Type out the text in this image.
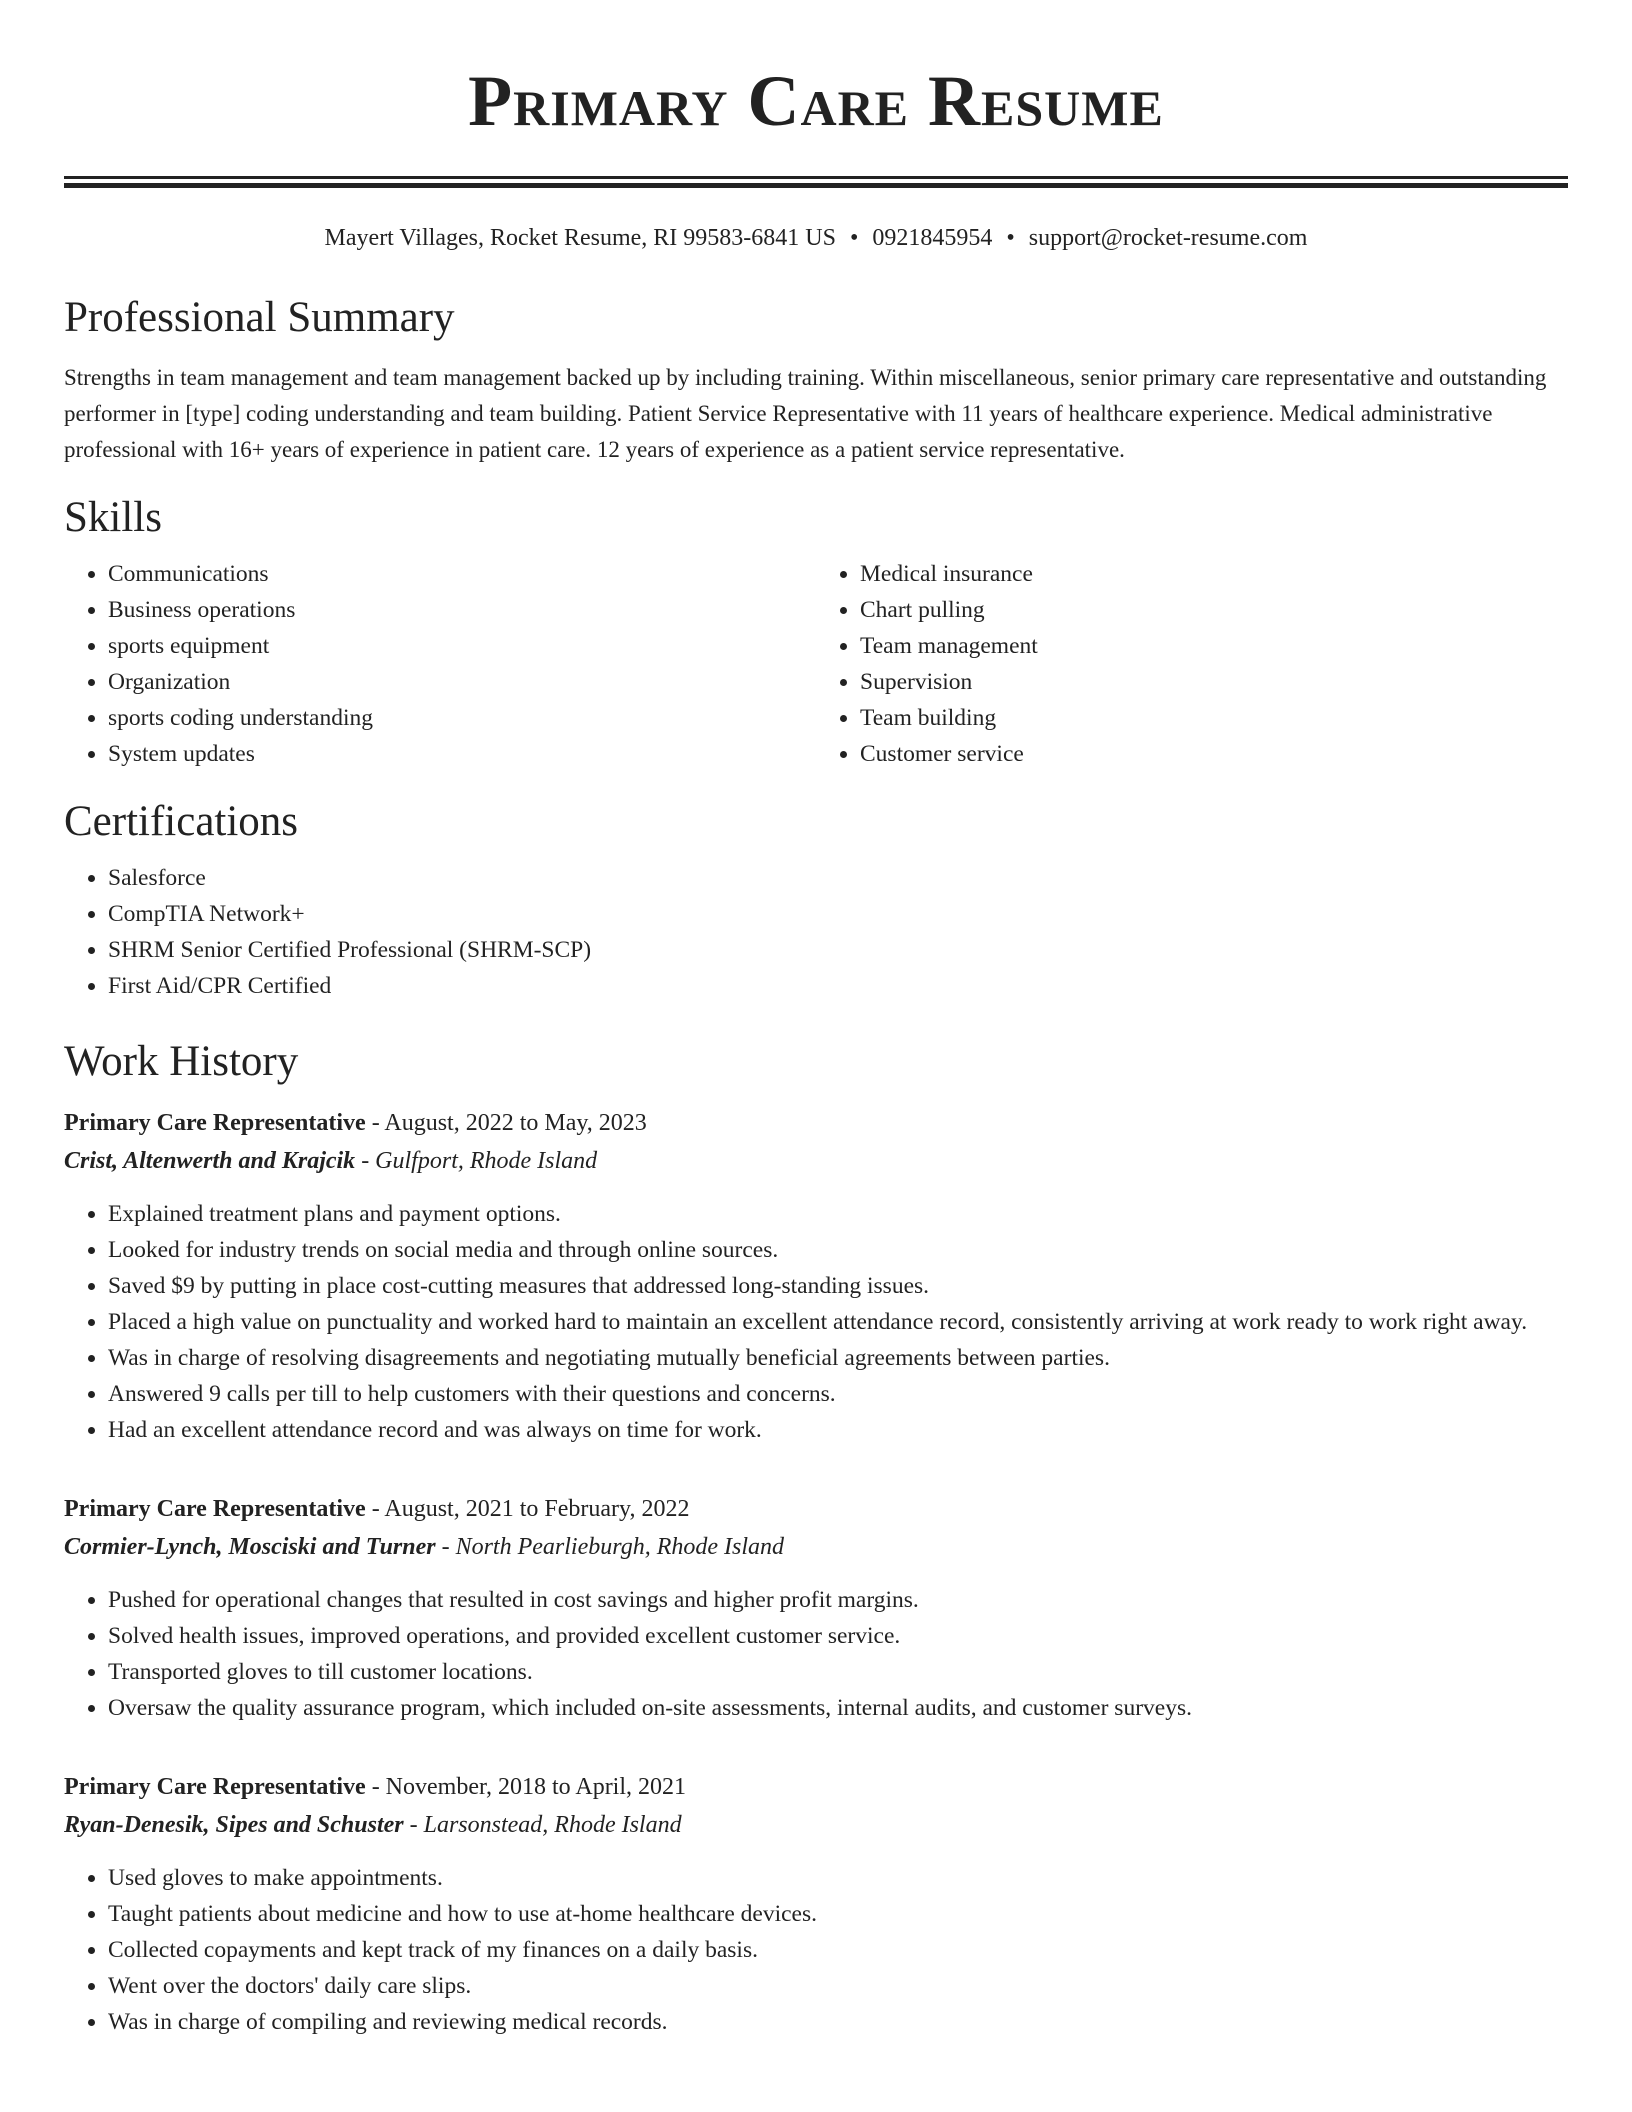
Primary Care Resume
Mayert Villages, Rocket Resume, RI 99583-6841 US • 0921845954 • support@rocket-resume.com
Professional Summary
Strengths in team management and team management backed up by including training. Within miscellaneous, senior primary care representative and outstanding performer in [type] coding understanding and team building. Patient Service Representative with 11 years of healthcare experience. Medical administrative professional with 16+ years of experience in patient care. 12 years of experience as a patient service representative.
Skills
• Communications
• Business operations
• sports equipment
• Organization
• sports coding understanding
• System updates
• Medical insurance
• Chart pulling
• Team management
• Supervision
• Team building
• Customer service
Certifications
• Salesforce
• CompTIA Network+
• SHRM Senior Certified Professional (SHRM-SCP)
• First Aid/CPR Certified
Work History
Primary Care Representative - August, 2022 to May, 2023
Crist, Altenwerth and Krajcik - Gulfport, Rhode Island
• Explained treatment plans and payment options.
• Looked for industry trends on social media and through online sources.
• Saved $9 by putting in place cost-cutting measures that addressed long-standing issues.
• Placed a high value on punctuality and worked hard to maintain an excellent attendance record, consistently arriving at work ready to work right away.
• Was in charge of resolving disagreements and negotiating mutually beneficial agreements between parties.
• Answered 9 calls per till to help customers with their questions and concerns.
• Had an excellent attendance record and was always on time for work.
Primary Care Representative - August, 2021 to February, 2022
Cormier-Lynch, Mosciski and Turner - North Pearlieburgh, Rhode Island
• Pushed for operational changes that resulted in cost savings and higher profit margins.
• Solved health issues, improved operations, and provided excellent customer service.
• Transported gloves to till customer locations.
• Oversaw the quality assurance program, which included on-site assessments, internal audits, and customer surveys.
Primary Care Representative - November, 2018 to April, 2021
Ryan-Denesik, Sipes and Schuster - Larsonstead, Rhode Island
• Used gloves to make appointments.
• Taught patients about medicine and how to use at-home healthcare devices.
• Collected copayments and kept track of my finances on a daily basis.
• Went over the doctors' daily care slips.
• Was in charge of compiling and reviewing medical records.
